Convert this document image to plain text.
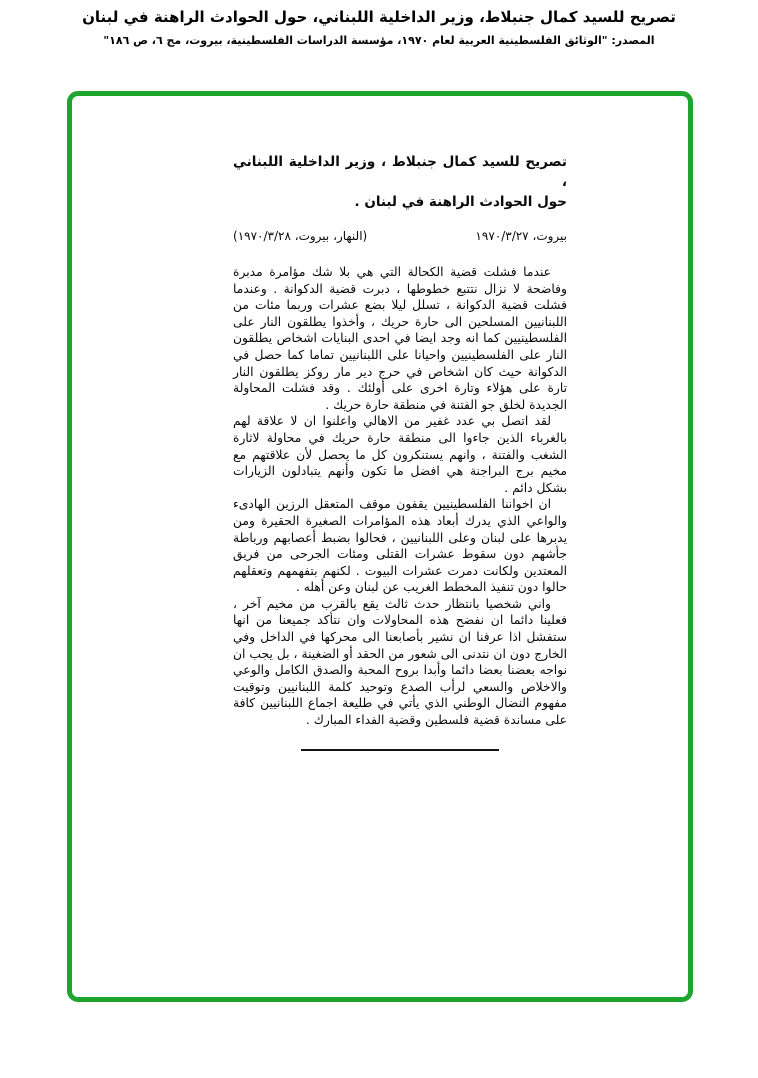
تصريح للسيد كمال جنبلاط، وزير الداخلية اللبناني، حول الحوادث الراهنة في لبنان
المصدر: "الوثائق الفلسطينية العربية لعام ١٩٧٠، مؤسسة الدراسات الفلسطينية، بيروت، مج ٦، ص ١٨٦"
تصريح للسيد كمال جنبلاط ، وزير الداخلية اللبناني ،
حول الحوادث الراهنة في لبنان .
بيروت، ١٩٧٠/٣/٢٧
(النهار، بيروت، ١٩٧٠/٣/٢٨)

عندما فشلت قضية الكحالة التي هي بلا شك مؤامرة مدبرة وفاضحة لا نزال نتتبع خطوطها ، دبرت قضية الدكوانة . وعندما فشلت قضية الدكوانة ، تسلل ليلا بضع عشرات وربما مئات من اللبنانيين المسلحين الى حارة حريك ، وأخذوا يطلقون النار على الفلسطينيين كما انه وجد ايضا في احدى البنايات اشخاص يطلقون النار على الفلسطينيين واحيانا على اللبنانيين تماما كما حصل في الدكوانة حيث كان اشخاص في حرج دير مار روكز يطلقون النار تارة على هؤلاء وتارة اخرى على أولئك . وقد فشلت المحاولة الجديدة لخلق جو الفتنة في منطقة حارة حريك .

لقد اتصل بي عدد غفير من الاهالي واعلنوا ان لا علاقة لهم بالغرباء الذين جاءوا الى منطقة حارة حريك في محاولة لاثارة الشغب والفتنة ، وانهم يستنكرون كل ما يحصل لأن علاقتهم مع مخيم برج البراجنة هي افضل ما تكون وأنهم يتبادلون الزيارات بشكل دائم .

ان اخواننا الفلسطينيين يقفون موقف المتعقل الرزين الهادىء والواعي الذي يدرك أبعاد هذه المؤامرات الصغيرة الحقيرة ومن يدبرها على لبنان وعلى اللبنانيين ، فحالوا بضبط أعصابهم ورباطة جأشهم دون سقوط عشرات القتلى ومئات الجرحى من فريق المعتدين ولكانت دمرت عشرات البيوت . لكنهم بتفهمهم وتعقلهم حالوا دون تنفيذ المخطط الغريب عن لبنان وعن أهله .

واني شخصيا بانتظار حدث ثالث يقع بالقرب من مخيم آخر ، فعلينا دائما ان نفضح هذه المحاولات وان نتأكد جميعنا من انها ستفشل اذا عرفنا ان نشير بأصابعنا الى محركها في الداخل وفي الخارج دون ان نتدنى الى شعور من الحقد أو الضغينة ، بل يجب ان نواجه بعضنا بعضا دائما وأبدا بروح المحبة والصدق الكامل والوعي والاخلاص والسعي لرأب الصدع وتوحيد كلمة اللبنانيين وتوقيت مفهوم النضال الوطني الذي يأتي في طليعة اجماع اللبنانيين كافة على مساندة قضية فلسطين وقضية الفداء المبارك .
